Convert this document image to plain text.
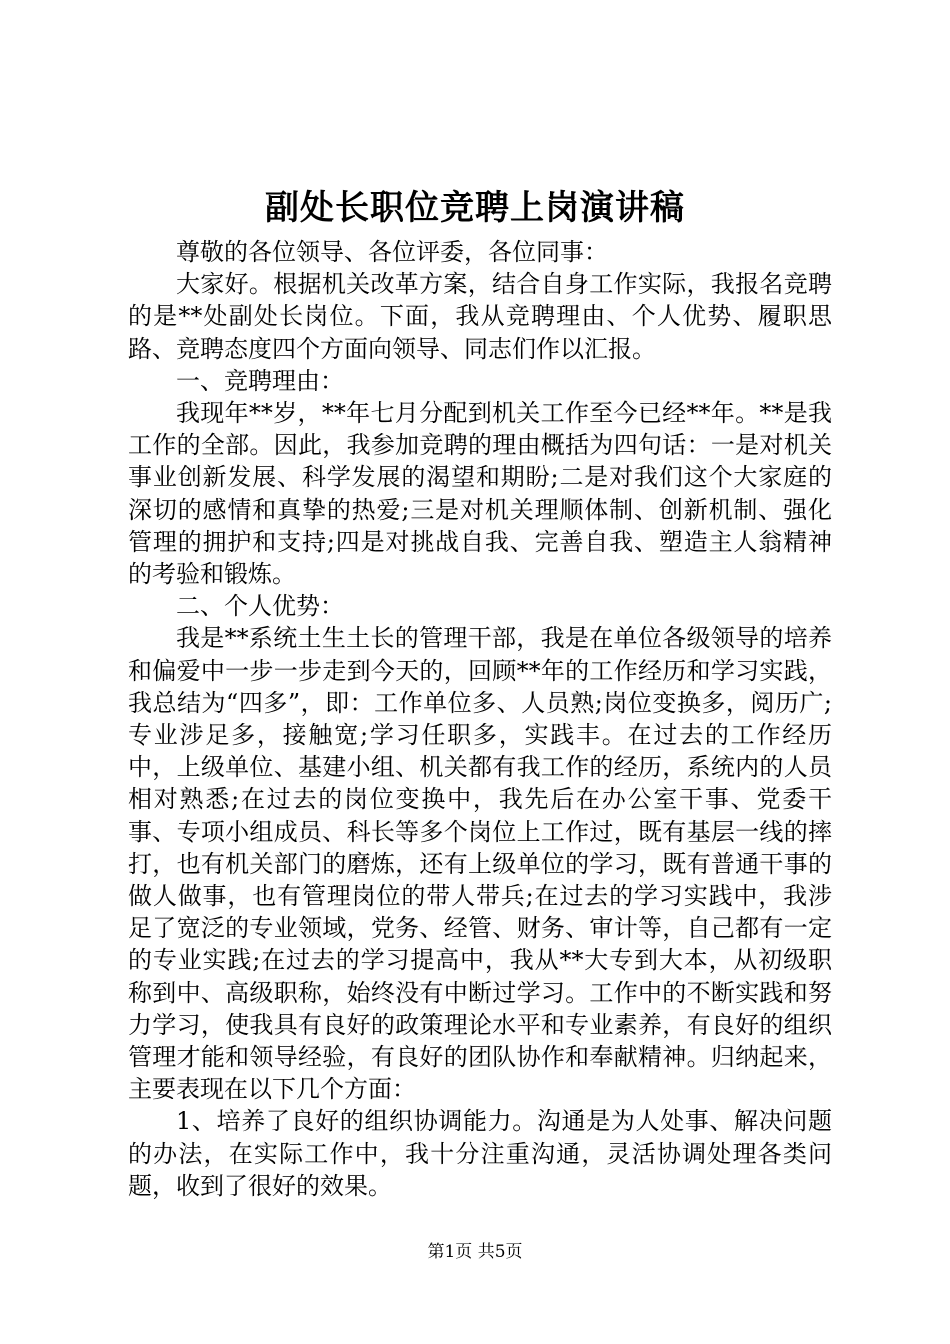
副处长职位竞聘上岗演讲稿

尊敬的各位领导、各位评委，各位同事：

大家好。根据机关改革方案，结合自身工作实际，我报名竞聘的是**处副处长岗位。下面，我从竞聘理由、个人优势、履职思路、竞聘态度四个方面向领导、同志们作以汇报。

一、竞聘理由：

我现年**岁，**年七月分配到机关工作至今已经**年。**是我工作的全部。因此，我参加竞聘的理由概括为四句话：一是对机关事业创新发展、科学发展的渴望和期盼;二是对我们这个大家庭的深切的感情和真挚的热爱;三是对机关理顺体制、创新机制、强化管理的拥护和支持;四是对挑战自我、完善自我、塑造主人翁精神的考验和锻炼。

二、个人优势：

我是**系统土生土长的管理干部，我是在单位各级领导的培养和偏爱中一步一步走到今天的，回顾**年的工作经历和学习实践，我总结为“四多”，即：工作单位多、人员熟;岗位变换多，阅历广;专业涉足多，接触宽;学习任职多，实践丰。在过去的工作经历中，上级单位、基建小组、机关都有我工作的经历，系统内的人员相对熟悉;在过去的岗位变换中，我先后在办公室干事、党委干事、专项小组成员、科长等多个岗位上工作过，既有基层一线的摔打，也有机关部门的磨炼，还有上级单位的学习，既有普通干事的做人做事，也有管理岗位的带人带兵;在过去的学习实践中，我涉足了宽泛的专业领域，党务、经管、财务、审计等，自己都有一定的专业实践;在过去的学习提高中，我从**大专到大本，从初级职称到中、高级职称，始终没有中断过学习。工作中的不断实践和努力学习，使我具有良好的政策理论水平和专业素养，有良好的组织管理才能和领导经验，有良好的团队协作和奉献精神。归纳起来，主要表现在以下几个方面：

1、培养了良好的组织协调能力。沟通是为人处事、解决问题的办法，在实际工作中，我十分注重沟通，灵活协调处理各类问题，收到了很好的效果。

第1页 共5页
